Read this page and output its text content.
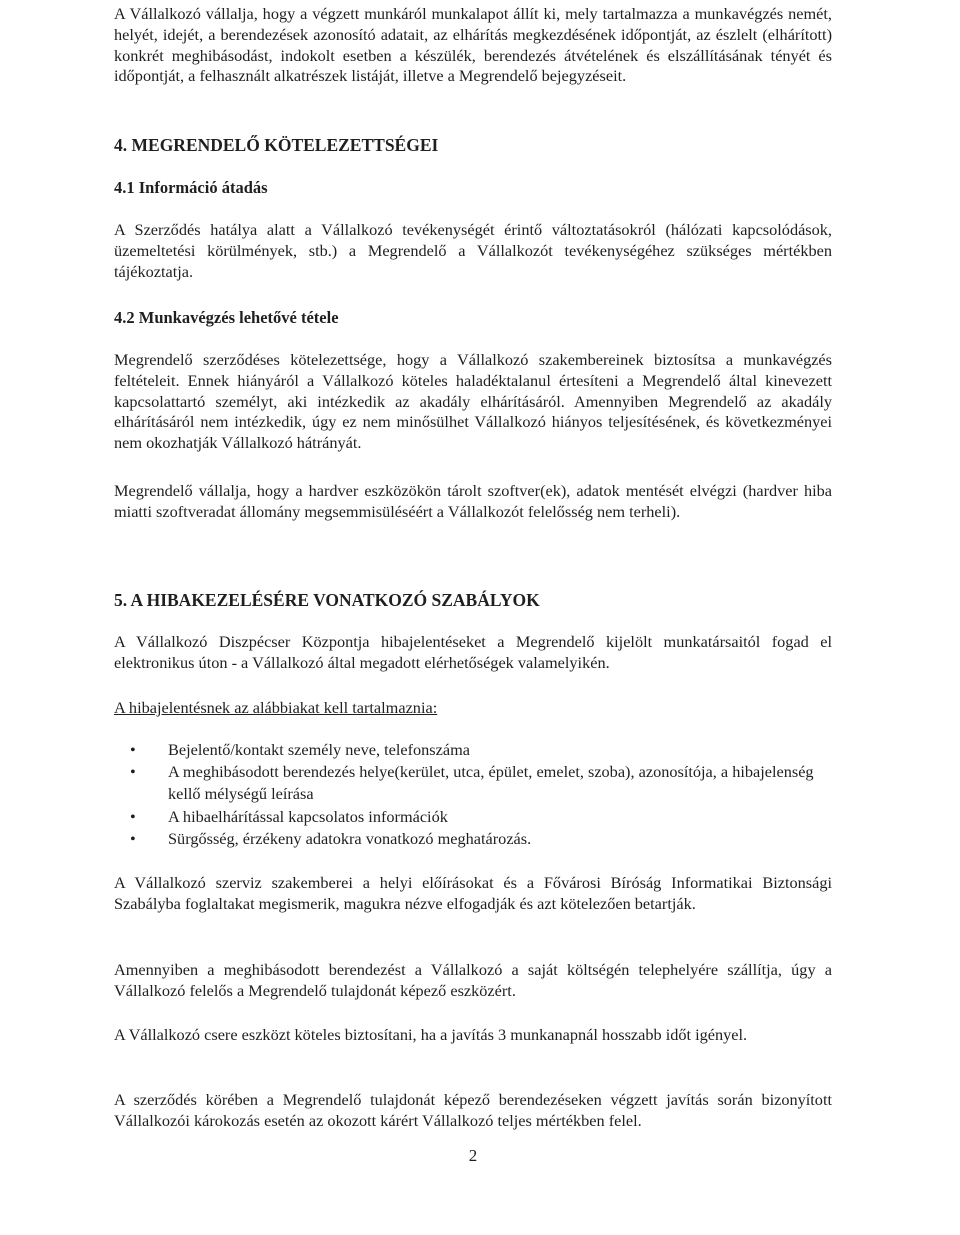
A Vállalkozó vállalja, hogy a végzett munkáról munkalapot állít ki, mely tartalmazza a munkavégzés nemét, helyét, idejét, a berendezések azonosító adatait, az elhárítás megkezdésének időpontját, az észlelt (elhárított) konkrét meghibásodást, indokolt esetben a készülék, berendezés átvételének és elszállításának tényét és időpontját, a felhasznált alkatrészek listáját, illetve a Megrendelő bejegyzéseit.

4. MEGRENDELŐ KÖTELEZETTSÉGEI
4.1 Információ átadás

A Szerződés hatálya alatt a Vállalkozó tevékenységét érintő változtatásokról (hálózati kapcsolódások, üzemeltetési körülmények, stb.) a Megrendelő a Vállalkozót tevékenységéhez szükséges mértékben tájékoztatja.

4.2 Munkavégzés lehetővé tétele

Megrendelő szerződéses kötelezettsége, hogy a Vállalkozó szakembereinek biztosítsa a munkavégzés feltételeit. Ennek hiányáról a Vállalkozó köteles haladéktalanul értesíteni a Megrendelő által kinevezett kapcsolattartó személyt, aki intézkedik az akadály elhárításáról. Amennyiben Megrendelő az akadály elhárításáról nem intézkedik, úgy ez nem minősülhet Vállalkozó hiányos teljesítésének, és következményei nem okozhatják Vállalkozó hátrányát.

Megrendelő vállalja, hogy a hardver eszközökön tárolt szoftver(ek), adatok mentését elvégzi (hardver hiba miatti szoftveradat állomány megsemmisüléséért a Vállalkozót felelősség nem terheli).

5. A HIBAKEZELÉSÉRE VONATKOZÓ SZABÁLYOK

A Vállalkozó Diszpécser Központja hibajelentéseket a Megrendelő kijelölt munkatársaitól fogad el elektronikus úton - a Vállalkozó által megadott elérhetőségek valamelyikén.

A hibajelentésnek az alábbiakat kell tartalmaznia:

• Bejelentő/kontakt személy neve, telefonszáma
• A meghibásodott berendezés helye(kerület, utca, épület, emelet, szoba), azonosítója, a hibajelenség kellő mélységű leírása
• A hibaelhárítással kapcsolatos információk
• Sürgősség, érzékeny adatokra vonatkozó meghatározás.

A Vállalkozó szerviz szakemberei a helyi előírásokat és a Fővárosi Bíróság Informatikai Biztonsági Szabályba foglaltakat megismerik, magukra nézve elfogadják és azt kötelezően betartják.

Amennyiben a meghibásodott berendezést a Vállalkozó a saját költségén telephelyére szállítja, úgy a Vállalkozó felelős a Megrendelő tulajdonát képező eszközért.

A Vállalkozó csere eszközt köteles biztosítani, ha a javítás 3 munkanapnál hosszabb időt igényel.

A szerződés körében a Megrendelő tulajdonát képező berendezéseken végzett javítás során bizonyított Vállalkozói károkozás esetén az okozott kárért Vállalkozó teljes mértékben felel.

2
